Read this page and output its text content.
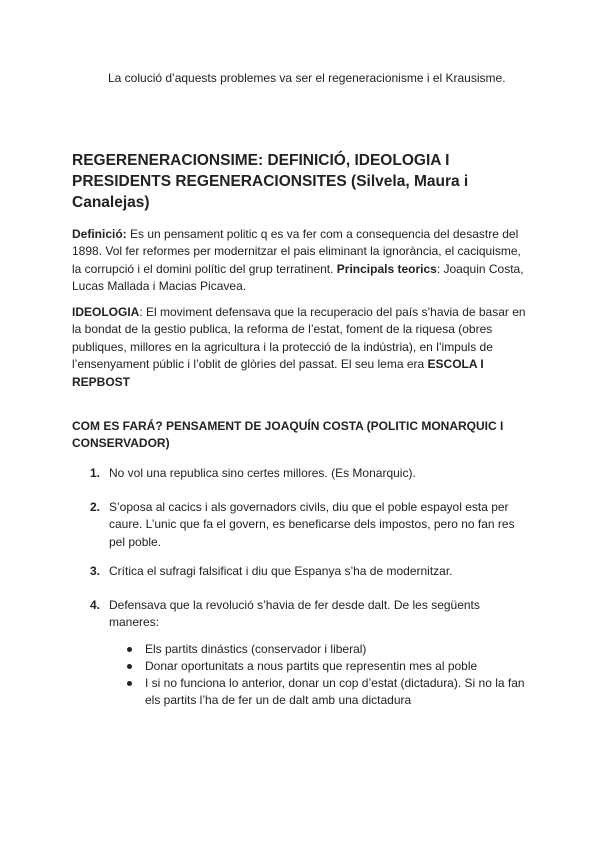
La colució d’aquests problemes va ser el regeneracionisme i el Krausisme.
REGERENERACIONSIME: DEFINICIÓ, IDEOLOGIA I PRESIDENTS REGENERACIONSITES (Silvela, Maura i Canalejas)

Definició: Es un pensament politic q es va fer com a consequencia del desastre del 1898. Vol fer reformes per modernitzar el pais eliminant la ignorància, el caciquisme, la corrupció i el domini polític del grup terratinent. Principals teorics: Joaquin Costa, Lucas Mallada i Macias Picavea.

IDEOLOGIA: El moviment defensava que la recuperacio del país s’havia de basar en la bondat de la gestio publica, la reforma de l’estat, foment de la riquesa (obres publiques, millores en la agricultura i la protecció de la indústria), en l’impuls de l’ensenyament públic i l’oblit de glòries del passat. El seu lema era ESCOLA I REPBOST

COM ES FARÁ? PENSAMENT DE JOAQUÍN COSTA (POLITIC MONARQUIC I CONSERVADOR)

1. No vol una republica sino certes millores. (Es Monarquic).
2. S’oposa al cacics i als governadors civils, diu que el poble espayol esta per caure. L’unic que fa el govern, es beneficarse dels impostos, pero no fan res pel poble.
3. Crítica el sufragi falsificat i diu que Espanya s’ha de modernitzar.
4. Defensava que la revolució s’havia de fer desde dalt. De les següents maneres:
Els partits dinástics (conservador i liberal)
Donar oportunitats a nous partits que representin mes al poble
I si no funciona lo anterior, donar un cop d’estat (dictadura). Si no la fan els partits l’ha de fer un de dalt amb una dictadura
